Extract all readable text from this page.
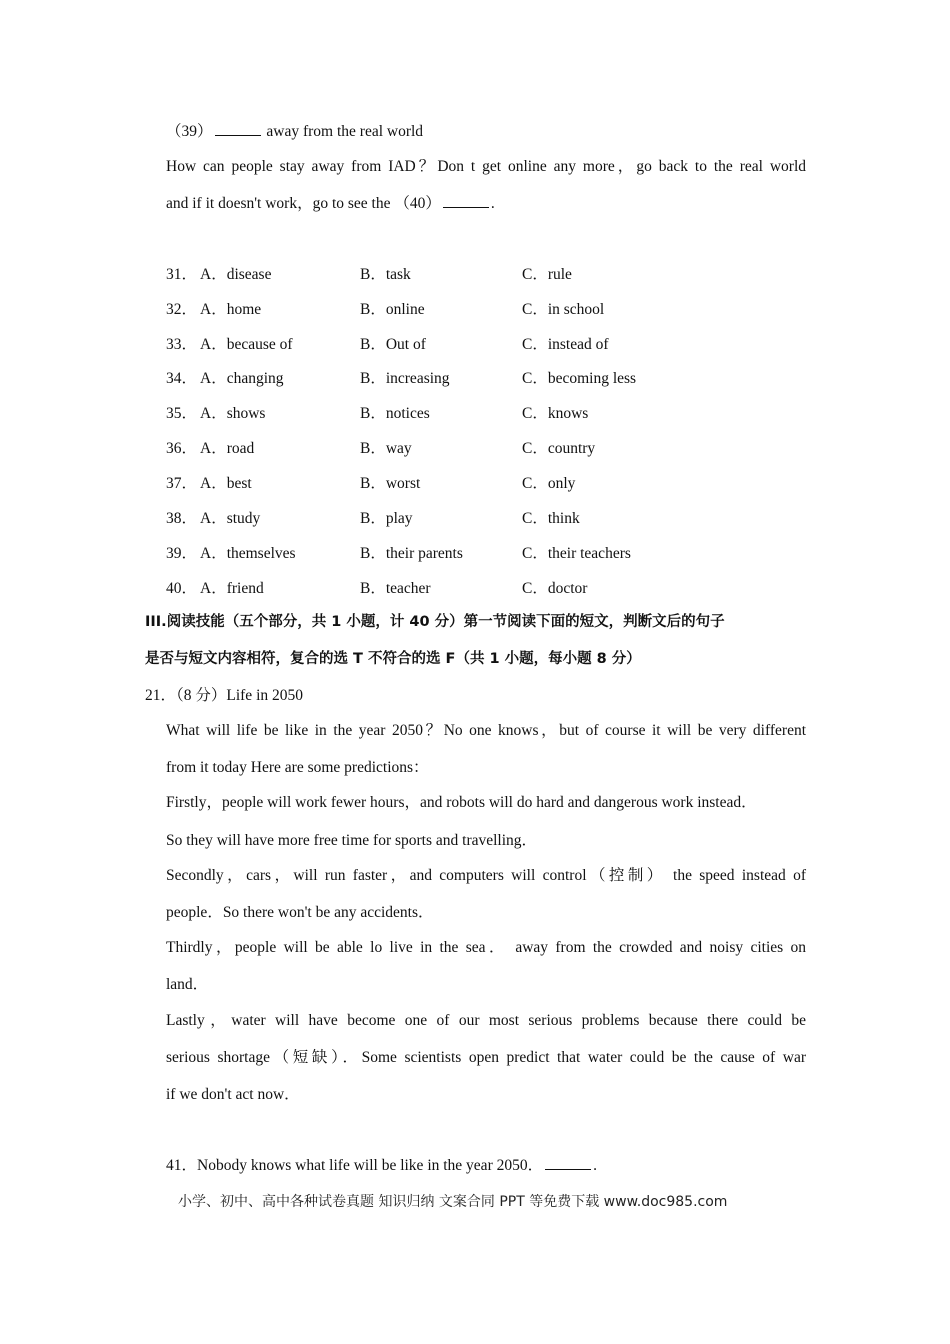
（39）	away from the real world
How can people stay away from IAD？Don t get online any more，go back to the real world
and if it doesn't work，go to see the （40）	.
31． A．disease	B．task	C．rule
32． A．home	B．online	C．in school
33． A．because of	B．Out of	C．instead of
34． A．changing	B．increasing	C．becoming less
35． A．shows	B．notices	C．knows
36． A．road	B．way	C．country
37． A．best	B．worst	C．only
38． A．study	B．play	C．think
39． A．themselves	B．their parents	C．their teachers
40． A．friend	B．teacher	C．doctor
III.阅读技能（五个部分，共 1 小题，计 40 分）第一节阅读下面的短文，判断文后的句子
是否与短文内容相符，复合的选 T 不符合的选 F（共 1 小题，每小题 8 分）
21．（8 分）Life in 2050
What will life be like in the year 2050？No one knows，but of course it will be very different
from it today Here are some predictions：
Firstly，people will work fewer hours，and robots will do hard and dangerous work instead．
So they will have more free time for sports and travelling．
Secondly，cars，will run faster，and computers will control（控制） the speed instead of
people．So there won't be any accidents．
Thirdly，people will be able lo live in the sea． away from the crowded and noisy cities on
land．
Lastly，water will have become one of our most serious problems because there could be
serious shortage（短缺）．Some scientists open predict that water could be the cause of war
if we don't act now．
41．Nobody knows what life will be like in the year 2050．	.
小学、初中、高中各种试卷真题 知识归纳 文案合同 PPT 等免费下载 www.doc985.com
